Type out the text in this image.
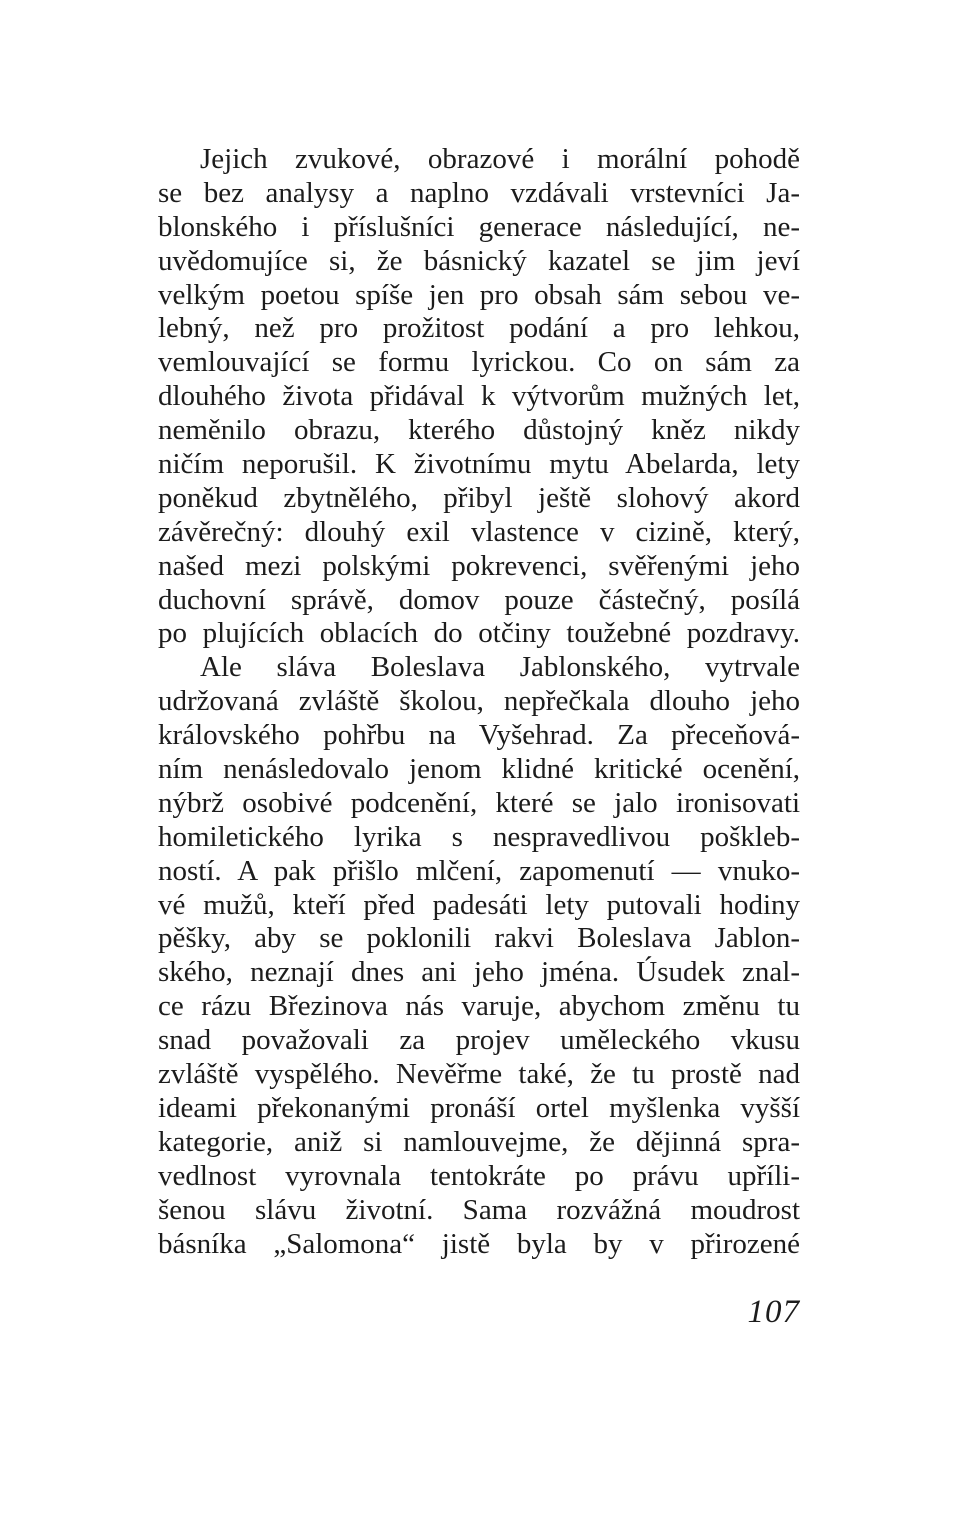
Jejich zvukové, obrazové i morální pohodě
se bez analysy a naplno vzdávali vrstevníci Ja-
blonského i příslušníci generace následující, ne-
uvědomujíce si, že básnický kazatel se jim jeví
velkým poetou spíše jen pro obsah sám sebou ve-
lebný, než pro prožitost podání a pro lehkou,
vemlouvající se formu lyrickou. Co on sám za
dlouhého života přidával k výtvorům mužných let,
neměnilo obrazu, kterého důstojný kněz nikdy
ničím neporušil. K životnímu mytu Abelarda, lety
poněkud zbytnělého, přibyl ještě slohový akord
závěrečný: dlouhý exil vlastence v cizině, který,
našed mezi polskými pokrevenci, svěřenými jeho
duchovní správě, domov pouze částečný, posílá
po plujících oblacích do otčiny toužebné pozdravy.
Ale sláva Boleslava Jablonského, vytrvale
udržovaná zvláště školou, nepřečkala dlouho jeho
královského pohřbu na Vyšehrad. Za přeceňová-
ním nenásledovalo jenom klidné kritické ocenění,
nýbrž osobivé podcenění, které se jalo ironisovati
homiletického lyrika s nespravedlivou pošklеb-
ností. A pak přišlo mlčení, zapomenutí — vnuko-
vé mužů, kteří před padesáti lety putovali hodiny
pěšky, aby se poklonili rakvi Boleslava Jablon-
ského, neznají dnes ani jeho jména. Úsudek znal-
ce rázu Březinova nás varuje, abychom změnu tu
snad považovali za projev uměleckého vkusu
zvláště vyspělého. Nevěřme také, že tu prostě nad
ideami překonanými pronáší ortel myšlenka vyšší
kategorie, aniž si namlouvejme, že dějinná spra-
vedlnost vyrovnala tentokráte po právu upříli-
šenou slávu životní. Sama rozvážná moudrost
básníka „Salomona“ jistě byla by v přirozené
107
